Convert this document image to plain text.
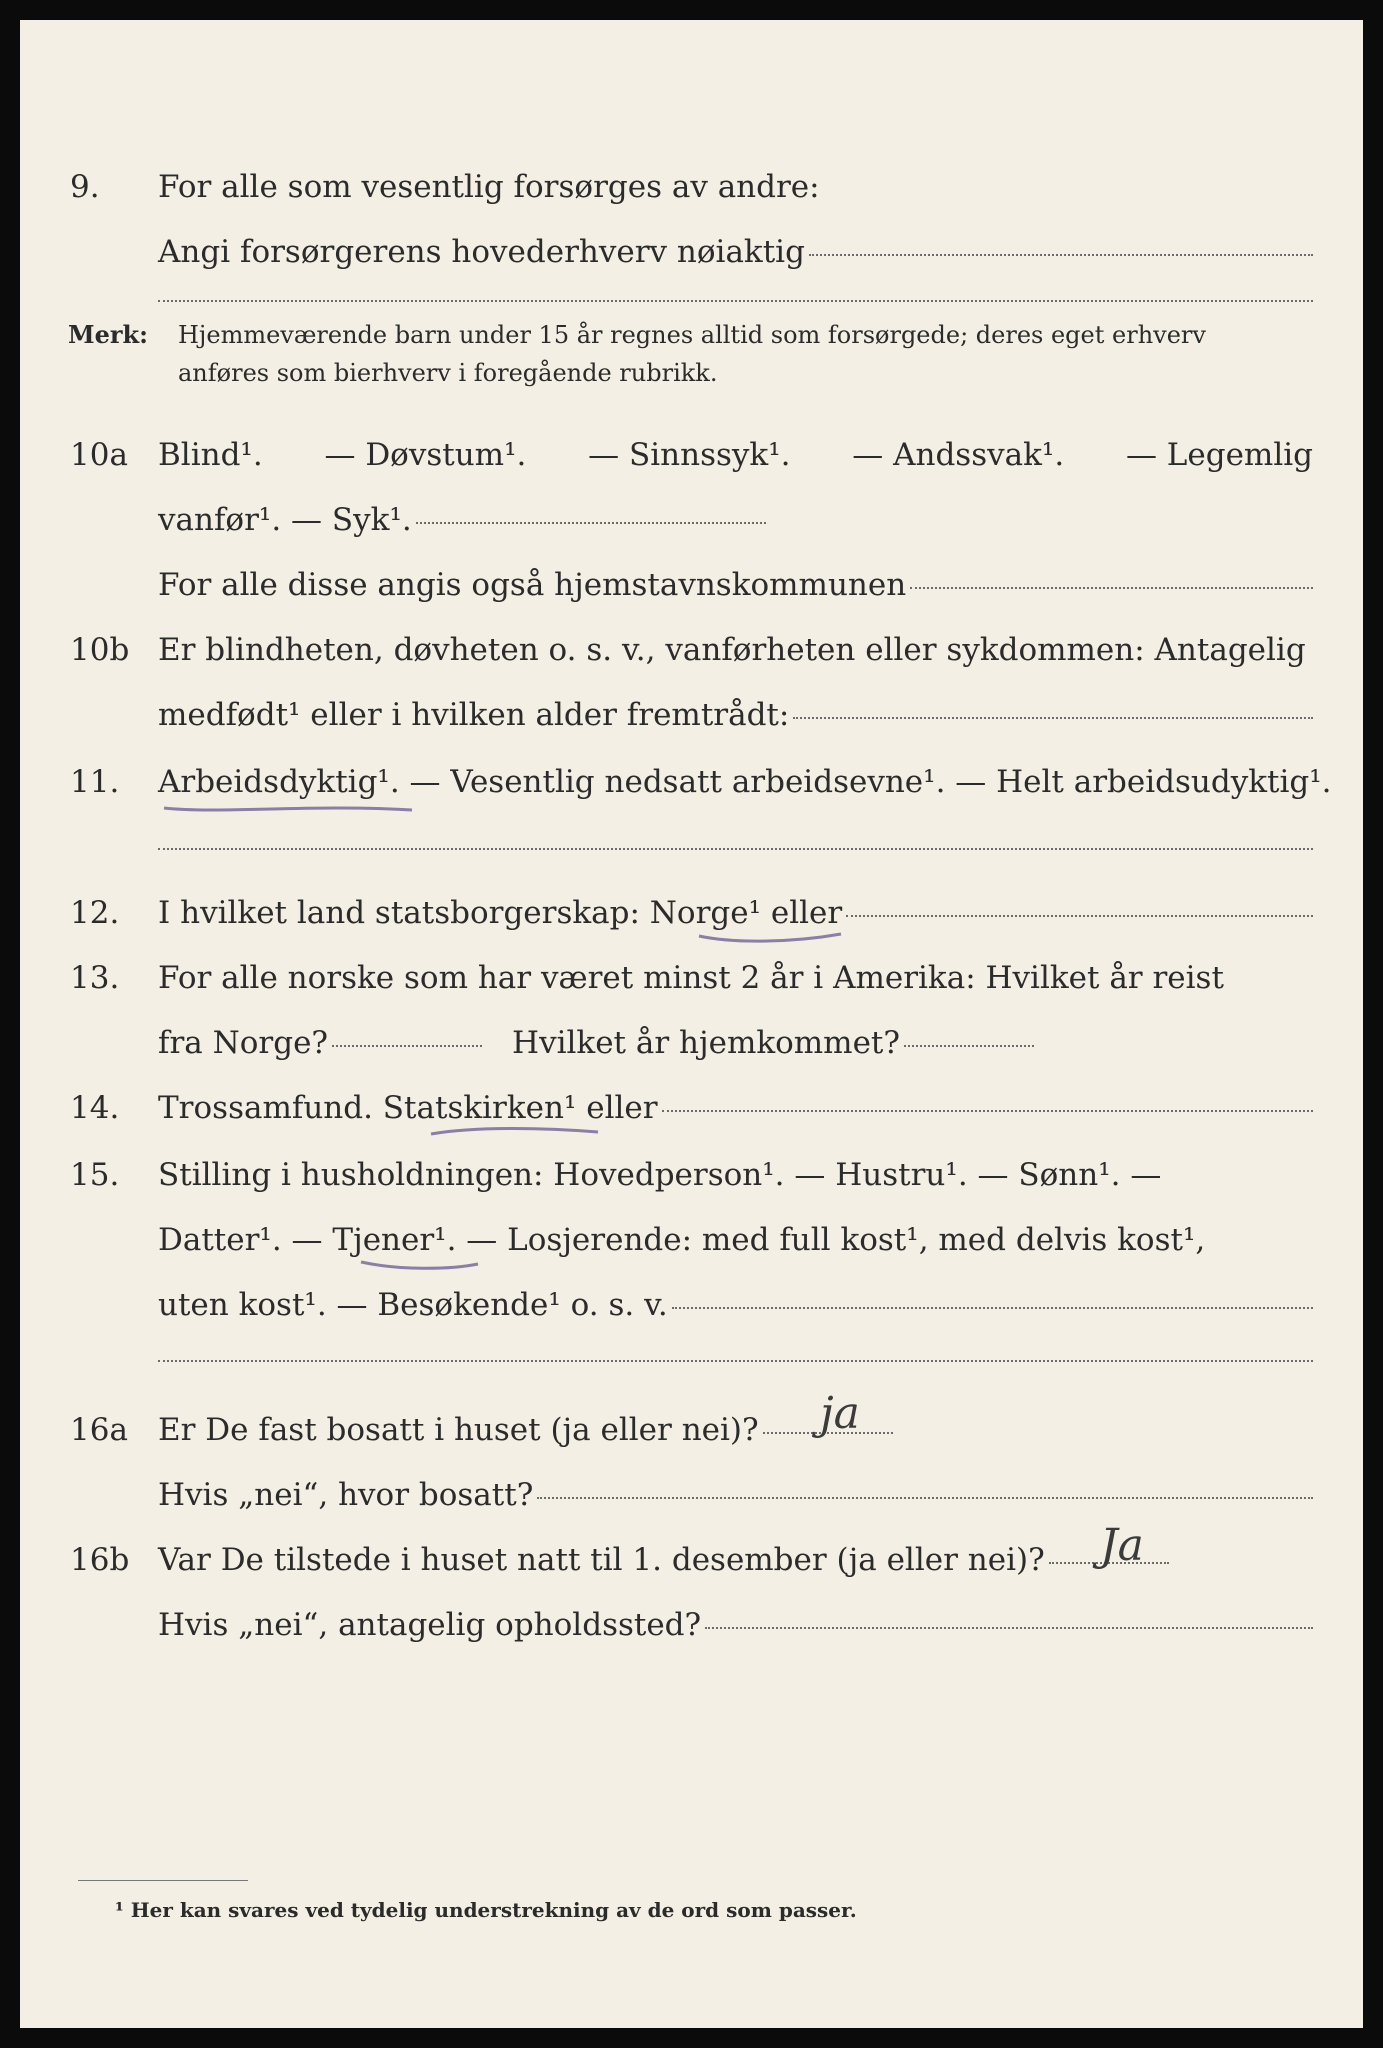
9. For alle som vesentlig forsørges av andre:
Angi forsørgerens hovederhverv nøiaktig
Merk: Hjemmeværende barn under 15 år regnes alltid som forsørgede; deres eget erhverv
anføres som bierhverv i foregående rubrikk.
10a Blind¹. — Døvstum¹. — Sinnssyk¹. — Andssvak¹. — Legemlig
vanfør¹. — Syk¹.
For alle disse angis også hjemstavnskommunen
10b Er blindheten, døvheten o. s. v., vanførheten eller sykdommen: Antagelig
medfødt¹ eller i hvilken alder fremtrådt:
11. Arbeidsdyktig¹. — Vesentlig nedsatt arbeidsevne¹. — Helt arbeidsudyktig¹.
12. I hvilket land statsborgerskap: Norge¹ eller
13. For alle norske som har været minst 2 år i Amerika: Hvilket år reist
fra Norge?	Hvilket år hjemkommet?
14. Trossamfund. Statskirken¹ eller
15. Stilling i husholdningen: Hovedperson¹. — Hustru¹. — Sønn¹. —
Datter¹. — Tjener¹. — Losjerende: med full kost¹, med delvis kost¹,
uten kost¹. — Besøkende¹ o. s. v.
16a Er De fast bosatt i huset (ja eller nei)? ja
Hvis „nei“, hvor bosatt?
16b Var De tilstede i huset natt til 1. desember (ja eller nei)? Ja
Hvis „nei“, antagelig opholdssted?
¹ Her kan svares ved tydelig understrekning av de ord som passer.
